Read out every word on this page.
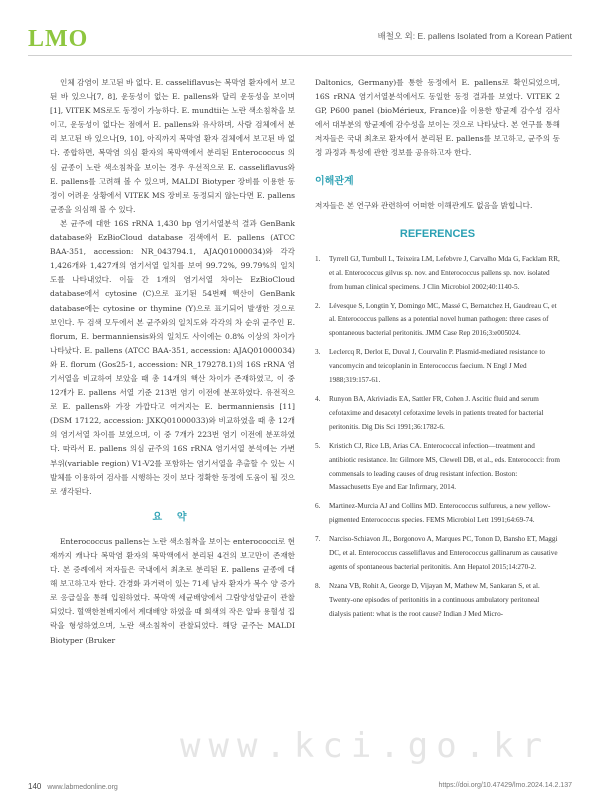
LMO	배철오 외: E. pallens Isolated from a Korean Patient

인체 감염이 보고된 바 없다. E. casseliflavus는 복막염 환자에서 보고된 바 있으나[7, 8], 운동성이 없는 E. pallens와 달리 운동성을 보이며[1], VITEK MS로도 동정이 가능하다. E. mundtii는 노란 색소침착을 보이고, 운동성이 없다는 점에서 E. pallens와 유사하며, 사람 검체에서 분리 보고된 바 있으나[9, 10], 아직까지 복막염 환자 검체에서 보고된 바 없다. 종합하면, 복막염 의심 환자의 복막액에서 분리된 Enterococcus 의심 균종이 노란 색소침착을 보이는 경우 우선적으로 E. casseliflavus와 E. pallens를 고려해 볼 수 있으며, MALDI Biotyper 장비를 이용한 동정이 어려운 상황에서 VITEK MS 장비로 동정되지 않는다면 E. pallens 균종을 의심해 볼 수 있다.

본 균주에 대한 16S rRNA 1,430 bp 염기서열분석 결과 GenBank database와 EzBioCloud database 검색에서 E. pallens (ATCC BAA-351, accession: NR_043794.1, AJAQ01000034)와 각각 1,426개와 1,427개의 염기서열 일치를 보여 99.72%, 99.79%의 일치도를 나타내었다. 이들 간 1개의 염기서열 차이는 EzBioCloud database에서 cytosine (C)으로 표기된 54번째 핵산이 GenBank database에는 cytosine or thymine (Y)으로 표기되어 발생한 것으로 보인다. 두 검색 모두에서 본 균주와의 일치도와 각각의 차 순위 균주인 E. florum, E. bermanniensis와의 일치도 사이에는 0.8% 이상의 차이가 나타났다. E. pallens (ATCC BAA-351, accession: AJAQ01000034)와 E. florum (Gos25-1, accession: NR_179278.1)의 16S rRNA 염기서열을 비교하여 보았을 때 총 14개의 핵산 차이가 존재하였고, 이 중 12개가 E. pallens 서열 기준 213번 염기 이전에 분포하였다. 유전적으로 E. pallens와 가장 가깝다고 여겨지는 E. bermanniensis [11] (DSM 17122, accession: JXKQ01000033)와 비교하였을 때 총 12개의 염기서열 차이를 보였으며, 이 중 7개가 223번 염기 이전에 분포하였다. 따라서 E. pallens 의심 균주의 16S rRNA 염기서열 분석에는 가변부위(variable region) V1-V2를 포함하는 염기서열을 추출할 수 있는 시발체를 이용하여 검사를 시행하는 것이 보다 정확한 동정에 도움이 될 것으로 생각된다.

요 약

Enterococcus pallens는 노란 색소침착을 보이는 enterococci로 현재까지 캐나다 복막염 환자의 복막액에서 분리된 4건의 보고만이 존재한다. 본 증례에서 저자들은 국내에서 최초로 분리된 E. pallens 균종에 대해 보고하고자 한다. 간경화 과거력이 있는 71세 남자 환자가 복수 양 증가로 응급실을 통해 입원하였다. 복막액 세균배양에서 그람양성알균이 관찰되었다. 혈액한천배지에서 계대배양 하였을 때 회색의 작은 알파 용혈성 집락을 형성하였으며, 노란 색소침착이 관찰되었다. 해당 균주는 MALDI Biotyper (Bruker

Daltonics, Germany)를 통한 동정에서 E. pallens로 확인되었으며, 16S rRNA 염기서열분석에서도 동일한 동정 결과를 보였다. VITEK 2 GP, P600 panel (bioMérieux, France)을 이용한 항균제 감수성 검사에서 대부분의 항균제에 감수성을 보이는 것으로 나타났다. 본 연구를 통해 저자들은 국내 최초로 환자에서 분리된 E. pallens를 보고하고, 균주의 동정 과정과 특성에 관한 정보를 공유하고자 한다.

이해관계

저자들은 본 연구와 관련하여 어떠한 이해관계도 없음을 밝힙니다.

REFERENCES
1.	Tyrrell GJ, Turnbull L, Teixeira LM, Lefebvre J, Carvalho Mda G, Facklam RR, et al. Enterococcus gilvus sp. nov. and Enterococcus pallens sp. nov. isolated from human clinical specimens. J Clin Microbiol 2002;40:1140-5.
2.	Lévesque S, Longtin Y, Domingo MC, Massé C, Bernatchez H, Gaudreau C, et al. Enterococcus pallens as a potential novel human pathogen: three cases of spontaneous bacterial peritonitis. JMM Case Rep 2016;3:e005024.
3.	Leclercq R, Derlot E, Duval J, Courvalin P. Plasmid-mediated resistance to vancomycin and teicoplanin in Enterococcus faecium. N Engl J Med 1988;319:157-61.
4.	Runyon BA, Akriviadis EA, Sattler FR, Cohen J. Ascitic fluid and serum cefotaxime and desacetyl cefotaxime levels in patients treated for bacterial peritonitis. Dig Dis Sci 1991;36:1782-6.
5.	Kristich CJ, Rice LB, Arias CA. Enterococcal infection—treatment and antibiotic resistance. In: Gilmore MS, Clewell DB, et al., eds. Enterococci: from commensals to leading causes of drug resistant infection. Boston: Massachusetts Eye and Ear Infirmary, 2014.
6.	Martinez-Murcia AJ and Collins MD. Enterococcus sulfureus, a new yellow-pigmented Enterococcus species. FEMS Microbiol Lett 1991;64:69-74.
7.	Narciso-Schiavon JL, Borgonovo A, Marques PC, Tonon D, Bansho ET, Maggi DC, et al. Enterococcus casseliflavus and Enterococcus gallinarum as causative agents of spontaneous bacterial peritonitis. Ann Hepatol 2015;14:270-2.
8.	Nzana VB, Rohit A, George D, Vijayan M, Mathew M, Sankaran S, et al. Twenty-one episodes of peritonitis in a continuous ambulatory peritoneal dialysis patient: what is the root cause? Indian J Med Micro-
www.kci.go.kr
140 www.labmedonline.org	https://doi.org/10.47429/lmo.2024.14.2.137
